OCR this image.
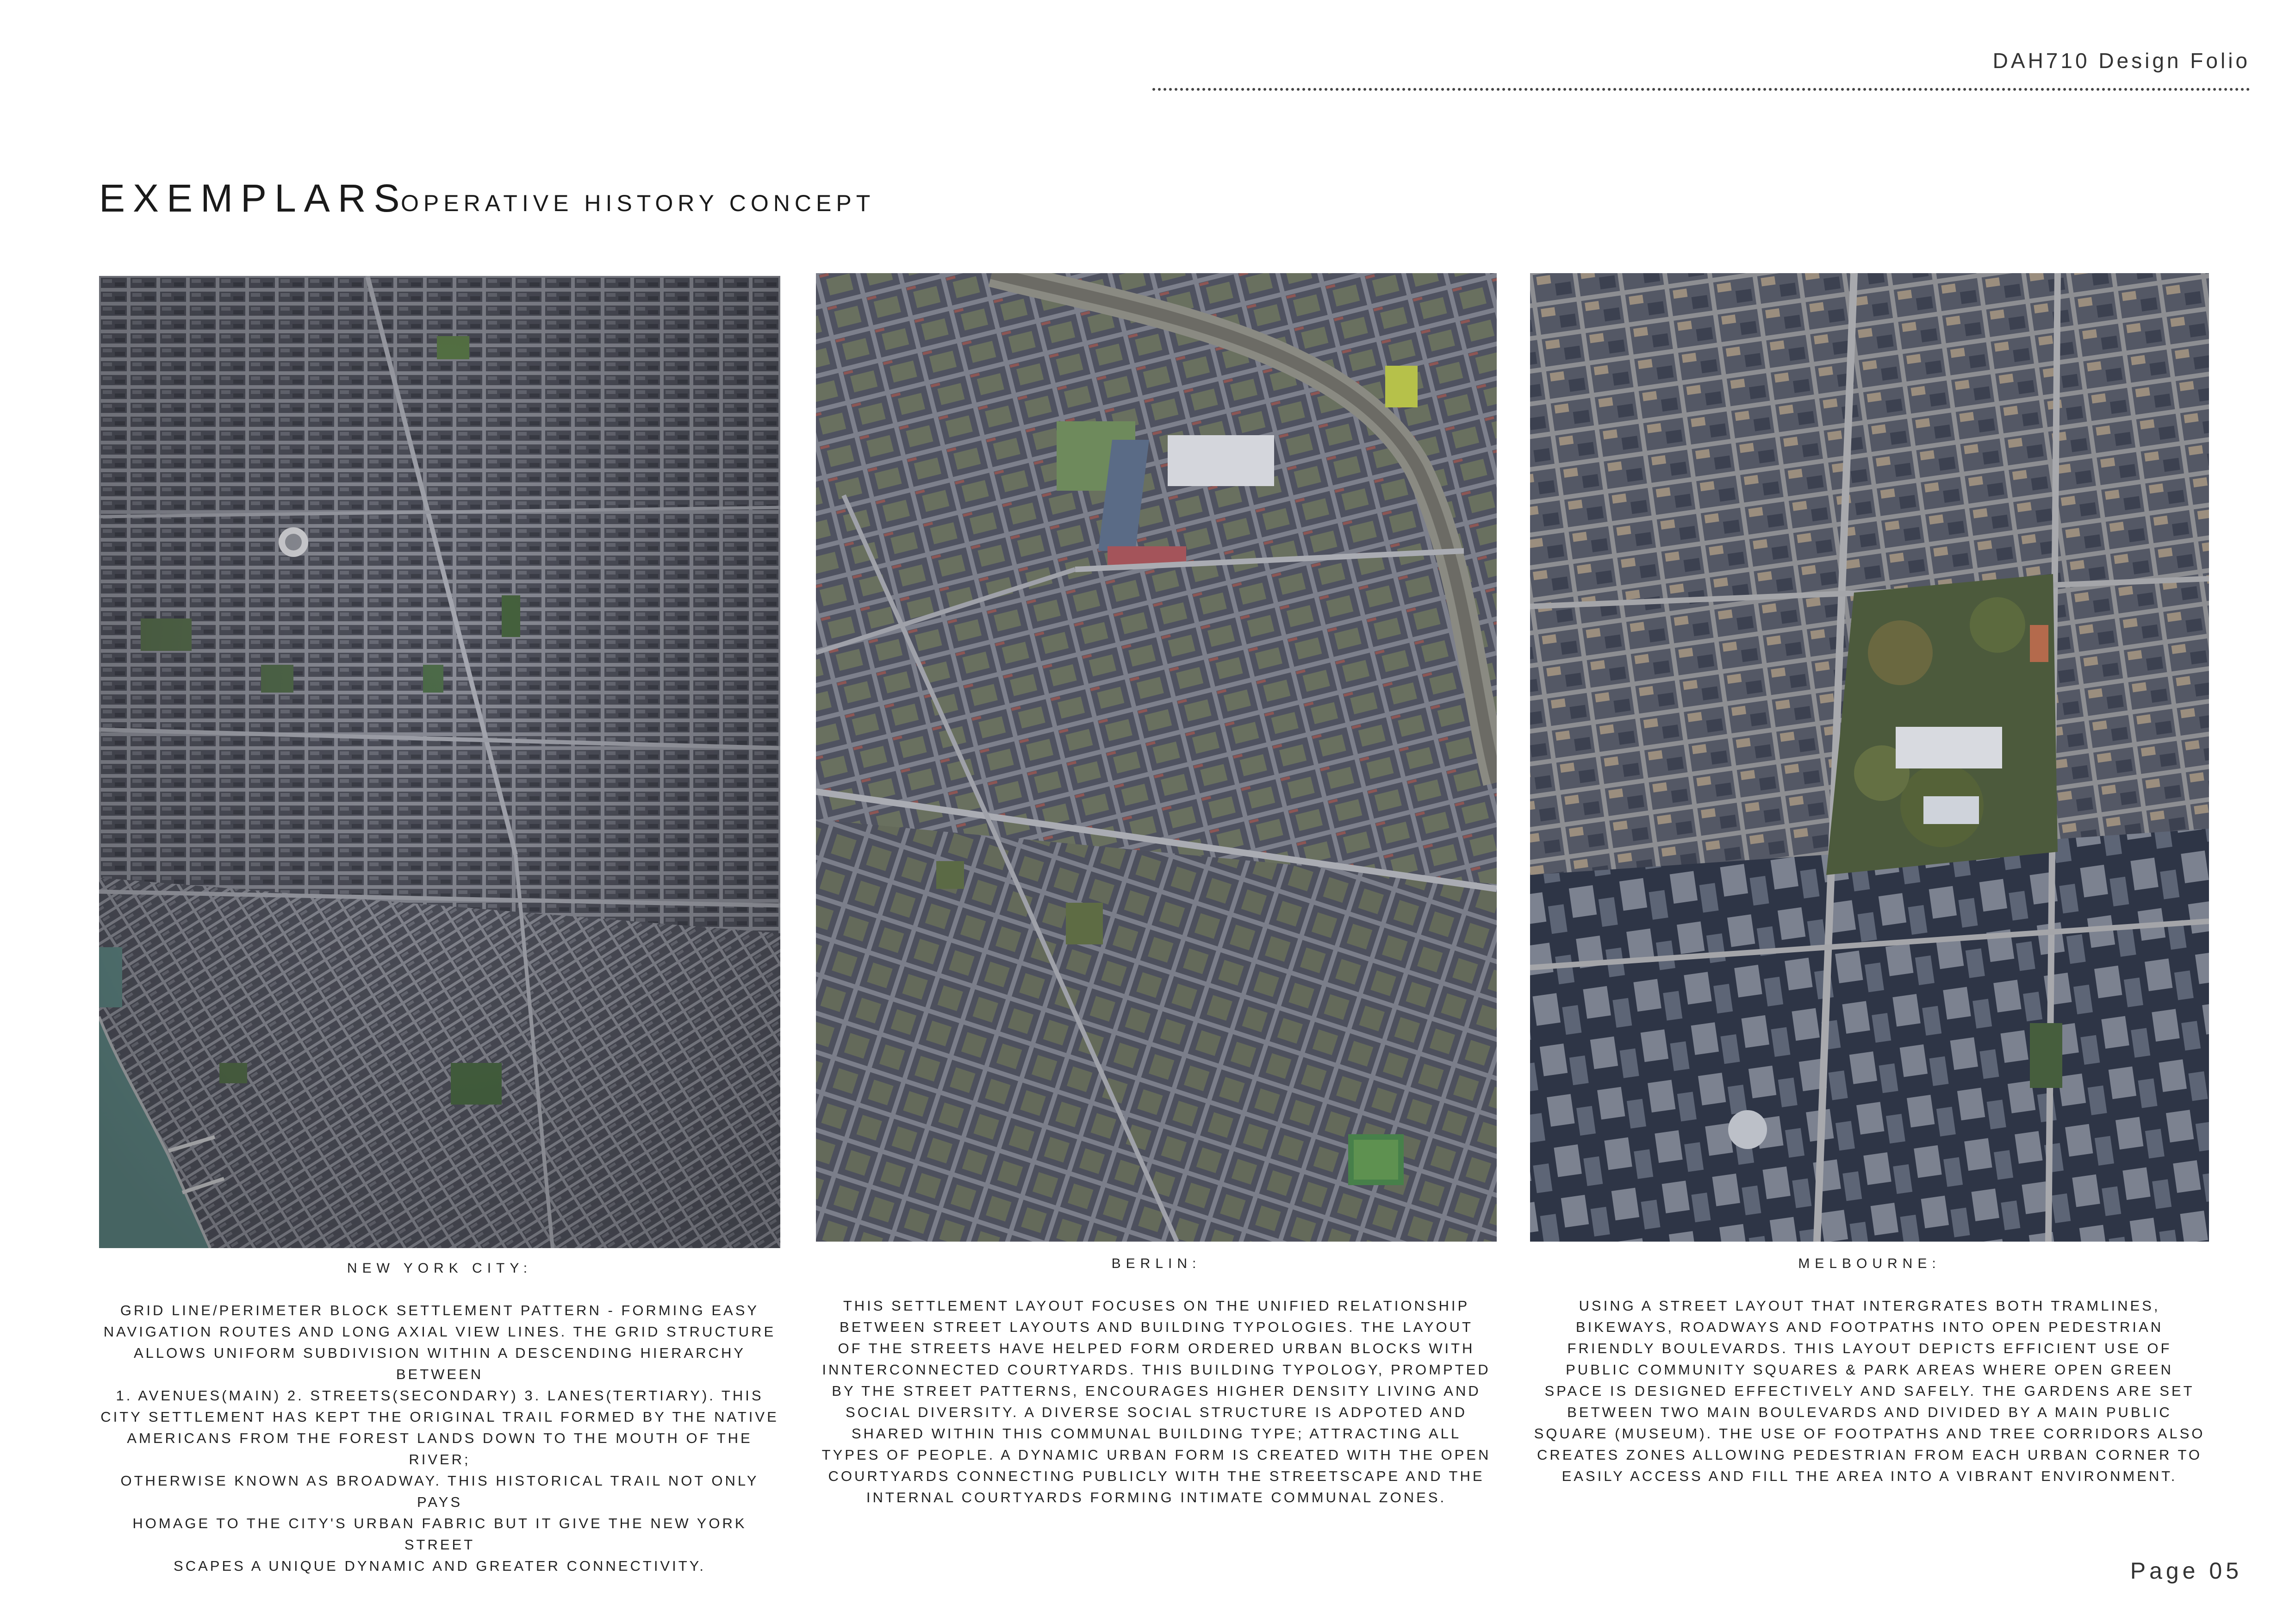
DAH710 Design Folio
EXEMPLARS
OPERATIVE HISTORY CONCEPT
NEW YORK CITY:
GRID LINE/PERIMETER BLOCK SETTLEMENT PATTERN - FORMING EASY
NAVIGATION ROUTES AND LONG AXIAL VIEW LINES. THE GRID STRUCTURE
ALLOWS UNIFORM SUBDIVISION WITHIN A DESCENDING HIERARCHY BETWEEN
1. AVENUES(MAIN) 2. STREETS(SECONDARY) 3. LANES(TERTIARY). THIS
CITY SETTLEMENT HAS KEPT THE ORIGINAL TRAIL FORMED BY THE NATIVE
AMERICANS FROM THE FOREST LANDS DOWN TO THE MOUTH OF THE RIVER;
OTHERWISE KNOWN AS BROADWAY. THIS HISTORICAL TRAIL NOT ONLY PAYS
HOMAGE TO THE CITY'S URBAN FABRIC BUT IT GIVE THE NEW YORK STREET
SCAPES A UNIQUE DYNAMIC AND GREATER CONNECTIVITY.
BERLIN:
THIS SETTLEMENT LAYOUT FOCUSES ON THE UNIFIED RELATIONSHIP
BETWEEN STREET LAYOUTS AND BUILDING TYPOLOGIES. THE LAYOUT
OF THE STREETS HAVE HELPED FORM ORDERED URBAN BLOCKS WITH
INNTERCONNECTED COURTYARDS. THIS BUILDING TYPOLOGY, PROMPTED
BY THE STREET PATTERNS, ENCOURAGES HIGHER DENSITY LIVING AND
SOCIAL DIVERSITY. A DIVERSE SOCIAL STRUCTURE IS ADPOTED AND
SHARED WITHIN THIS COMMUNAL BUILDING TYPE; ATTRACTING ALL
TYPES OF PEOPLE. A DYNAMIC URBAN FORM IS CREATED WITH THE OPEN
COURTYARDS CONNECTING PUBLICLY WITH THE STREETSCAPE AND THE
INTERNAL COURTYARDS FORMING INTIMATE COMMUNAL ZONES.
MELBOURNE:
USING A STREET LAYOUT THAT INTERGRATES BOTH TRAMLINES,
BIKEWAYS, ROADWAYS AND FOOTPATHS INTO OPEN PEDESTRIAN
FRIENDLY BOULEVARDS. THIS LAYOUT DEPICTS EFFICIENT USE OF
PUBLIC COMMUNITY SQUARES & PARK AREAS WHERE OPEN GREEN
SPACE IS DESIGNED EFFECTIVELY AND SAFELY. THE GARDENS ARE SET
BETWEEN TWO MAIN BOULEVARDS AND DIVIDED BY A MAIN PUBLIC
SQUARE (MUSEUM). THE USE OF FOOTPATHS AND TREE CORRIDORS ALSO
CREATES ZONES ALLOWING PEDESTRIAN FROM EACH URBAN CORNER TO
EASILY ACCESS AND FILL THE AREA INTO A VIBRANT ENVIRONMENT.
Page 05
